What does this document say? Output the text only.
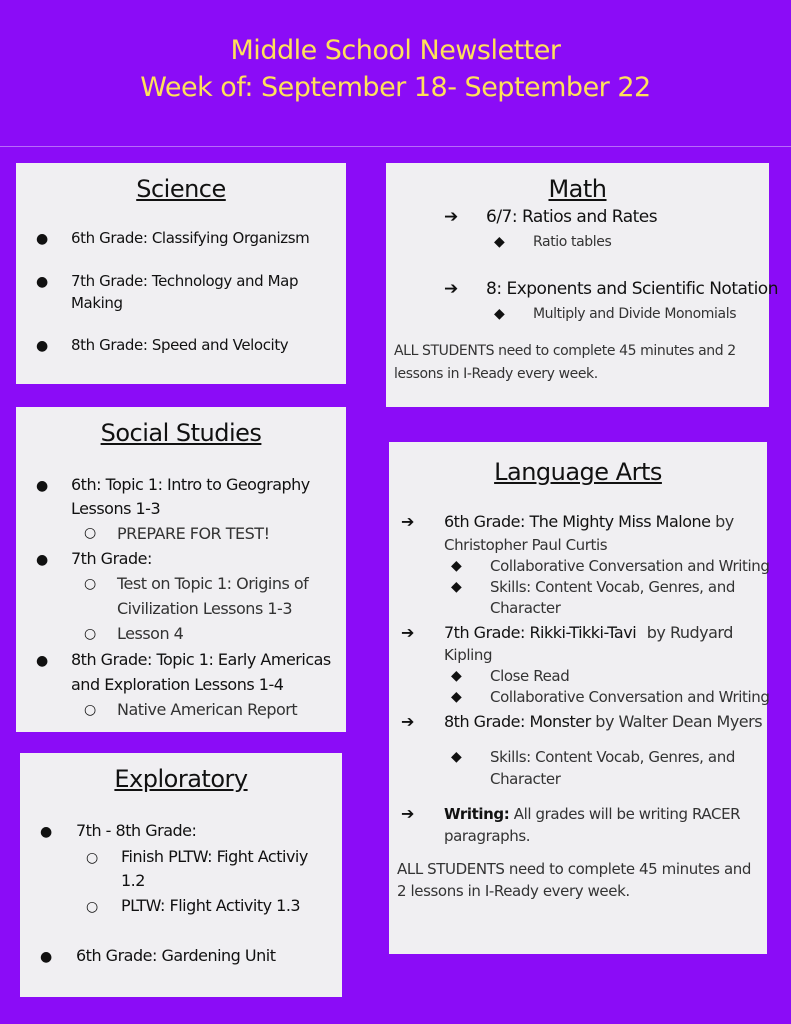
Middle School Newsletter
Week of: September 18- September 22
Science
● 6th Grade: Classifying Organizsm
● 7th Grade: Technology and Map
Making
● 8th Grade: Speed and Velocity
Math
➔ 6/7: Ratios and Rates
◆ Ratio tables
➔ 8: Exponents and Scientific Notation
◆ Multiply and Divide Monomials
ALL STUDENTS need to complete 45 minutes and 2
lessons in I-Ready every week.
Social Studies
● 6th: Topic 1: Intro to Geography
Lessons 1-3
○ PREPARE FOR TEST!
● 7th Grade:
○ Test on Topic 1: Origins of
Civilization Lessons 1-3
○ Lesson 4
● 8th Grade: Topic 1: Early Americas
and Exploration Lessons 1-4
○ Native American Report
Exploratory
● 7th - 8th Grade:
○ Finish PLTW: Fight Activiy
1.2
○ PLTW: Flight Activity 1.3
● 6th Grade: Gardening Unit
Language Arts
➔ 6th Grade: The Mighty Miss Malone by
Christopher Paul Curtis
◆ Collaborative Conversation and Writing
◆ Skills: Content Vocab, Genres, and
Character
➔ 7th Grade: Rikki-Tikki-Tavi by Rudyard
Kipling
◆ Close Read
◆ Collaborative Conversation and Writing
➔ 8th Grade: Monster by Walter Dean Myers
◆ Skills: Content Vocab, Genres, and
Character
➔ Writing: All grades will be writing RACER
paragraphs.
ALL STUDENTS need to complete 45 minutes and
2 lessons in I-Ready every week.
